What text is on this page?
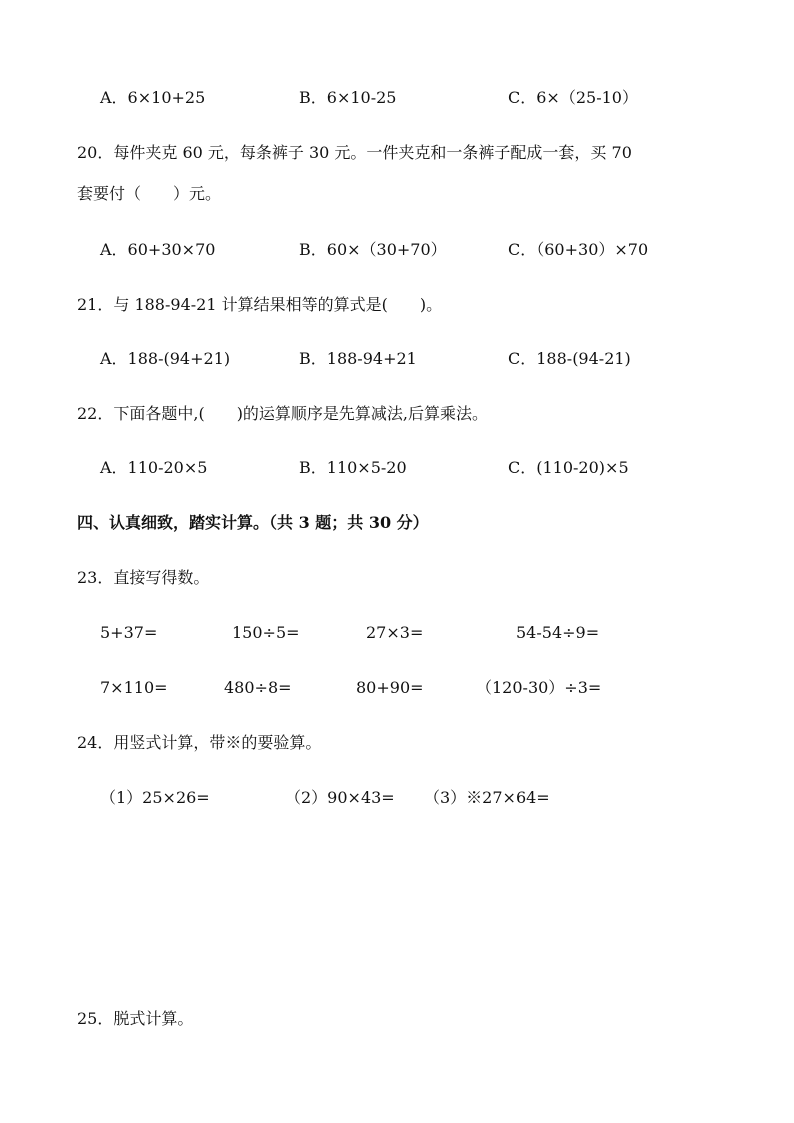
A．6×10+25	B．6×10-25	C．6×（25-10）
20．每件夹克 60 元，每条裤子 30 元。一件夹克和一条裤子配成一套，买 70
套要付（　　）元。
A．60+30×70	B．60×（30+70）	C．（60+30）×70
21．与 188-94-21 计算结果相等的算式是(　　)。
A．188-(94+21)	B．188-94+21	C．188-(94-21)
22．下面各题中,(　　)的运算顺序是先算减法,后算乘法。
A．110-20×5	B．110×5-20	C．(110-20)×5
四、认真细致，踏实计算。（共 3 题；共 30 分）
23．直接写得数。
5+37=	150÷5=	27×3=	54-54÷9=
7×110=	480÷8=	80+90=	（120-30）÷3=
24．用竖式计算，带※的要验算。
（1）25×26=	（2）90×43= （3）※27×64=
25．脱式计算。
